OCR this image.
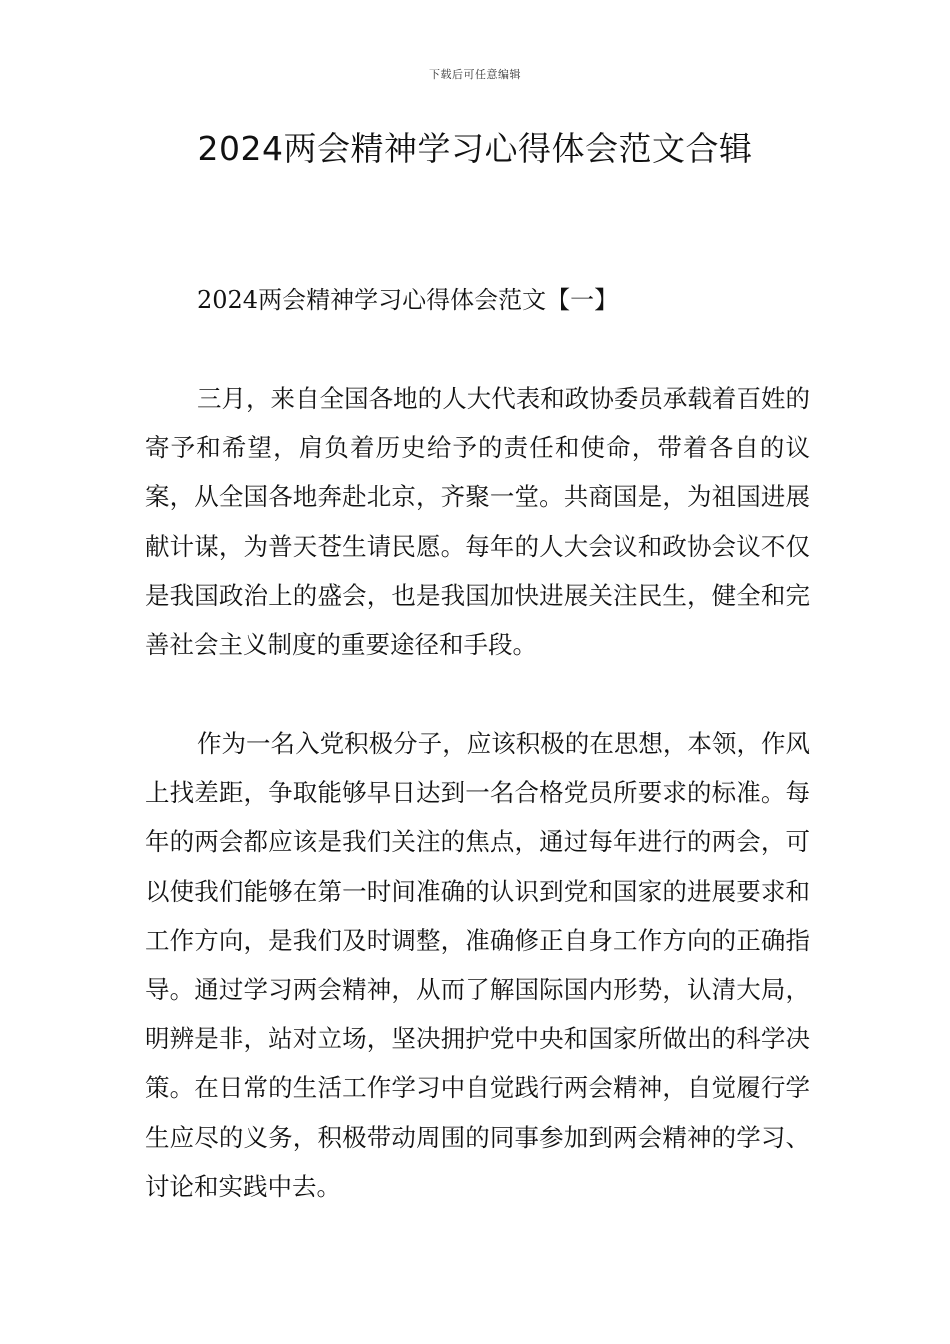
下载后可任意编辑
2024两会精神学习心得体会范文合辑
2024两会精神学习心得体会范文【一】

三月，来自全国各地的人大代表和政协委员承载着百姓的寄予和希望，肩负着历史给予的责任和使命，带着各自的议案，从全国各地奔赴北京，齐聚一堂。共商国是，为祖国进展献计谋，为普天苍生请民愿。每年的人大会议和政协会议不仅是我国政治上的盛会，也是我国加快进展关注民生，健全和完善社会主义制度的重要途径和手段。

作为一名入党积极分子，应该积极的在思想，本领，作风上找差距，争取能够早日达到一名合格党员所要求的标准。每年的两会都应该是我们关注的焦点，通过每年进行的两会，可以使我们能够在第一时间准确的认识到党和国家的进展要求和工作方向，是我们及时调整，准确修正自身工作方向的正确指导。通过学习两会精神，从而了解国际国内形势，认清大局，明辨是非，站对立场，坚决拥护党中央和国家所做出的科学决策。在日常的生活工作学习中自觉践行两会精神，自觉履行学生应尽的义务，积极带动周围的同事参加到两会精神的学习、讨论和实践中去。
